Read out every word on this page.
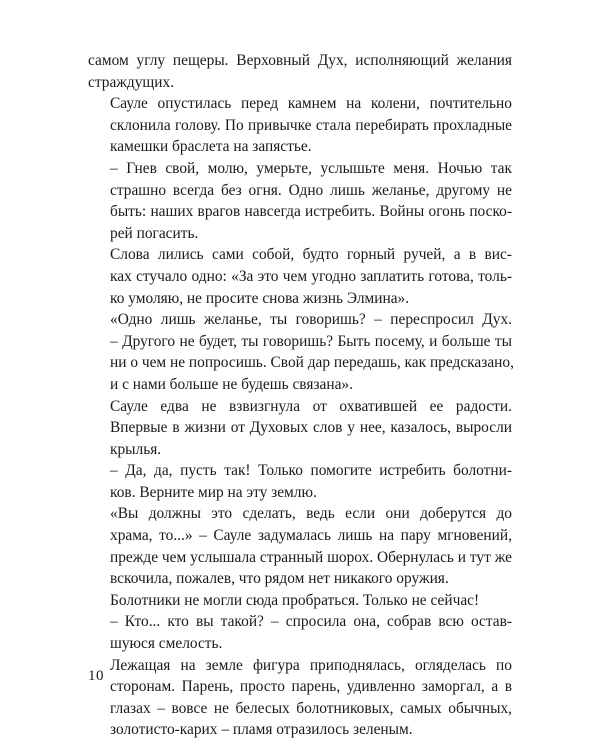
самом углу пещеры. Верховный Дух, исполняющий желания
страждущих.

Сауле опустилась перед камнем на колени, почтительно
склонила голову. По привычке стала перебирать прохладные
камешки браслета на запястье.

– Гнев свой, молю, умерьте, услышьте меня. Ночью так
страшно всегда без огня. Одно лишь желанье, другому не
быть: наших врагов навсегда истребить. Войны огонь поско-
рей погасить.

Слова лились сами собой, будто горный ручей, а в вис-
ках стучало одно: «За это чем угодно заплатить готова, толь-
ко умоляю, не просите снова жизнь Элмина».

«Одно лишь желанье, ты говоришь? – переспросил Дух.
– Другого не будет, ты говоришь? Быть посему, и больше ты
ни о чем не попросишь. Свой дар передашь, как предсказано,
и с нами больше не будешь связана».

Сауле едва не взвизгнула от охватившей ее радости.
Впервые в жизни от Духовых слов у нее, казалось, выросли
крылья.

– Да, да, пусть так! Только помогите истребить болотни-
ков. Верните мир на эту землю.

«Вы должны это сделать, ведь если они доберутся до
храма, то...» – Сауле задумалась лишь на пару мгновений,
прежде чем услышала странный шорох. Обернулась и тут же
вскочила, пожалев, что рядом нет никакого оружия.

Болотники не могли сюда пробраться. Только не сейчас!

– Кто... кто вы такой? – спросила она, собрав всю остав-
шуюся смелость.

Лежащая на земле фигура приподнялась, огляделась по
сторонам. Парень, просто парень, удивленно заморгал, а в
глазах – вовсе не белесых болотниковых, самых обычных,
золотисто-карих – пламя отразилось зеленым.

10
